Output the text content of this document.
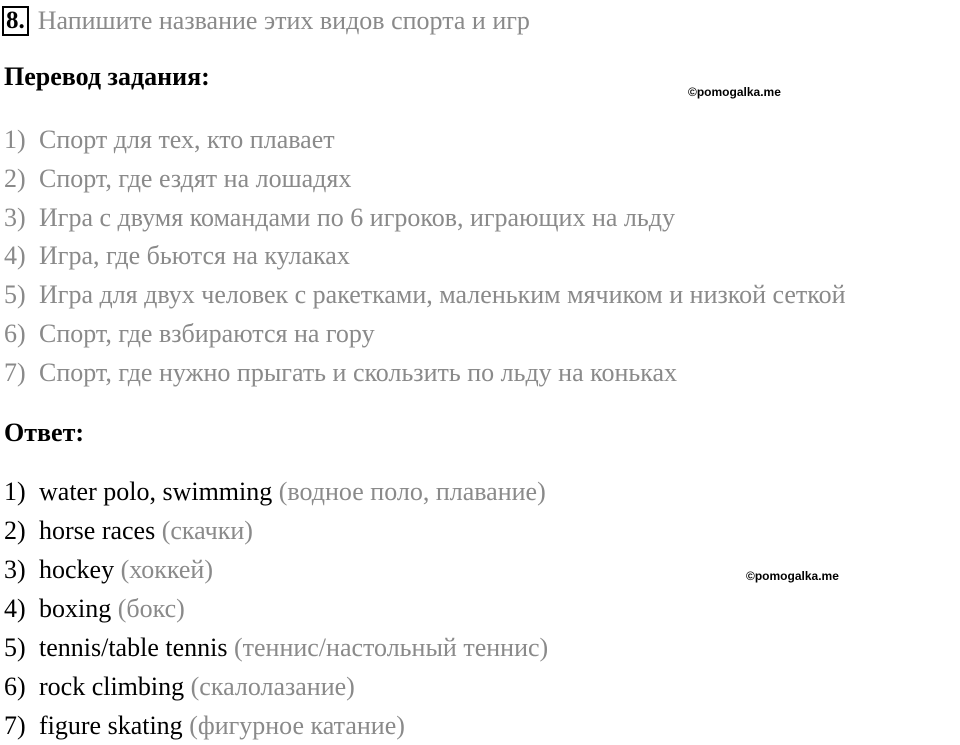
8. Напишите название этих видов спорта и игр
Перевод задания:
©pomogalka.me
1) Спорт для тех, кто плавает
2) Спорт, где ездят на лошадях
3) Игра с двумя командами по 6 игроков, играющих на льду
4) Игра, где бьются на кулаках
5) Игра для двух человек с ракетками, маленьким мячиком и низкой сеткой
6) Спорт, где взбираются на гору
7) Спорт, где нужно прыгать и скользить по льду на коньках
Ответ:
1) water polo, swimming
(водное поло, плавание)
2) horse races
(скачки)
3) hockey
(хоккей)
4) boxing
(бокс)
5) tennis/table tennis
(теннис/настольный теннис)
6) rock climbing
(скалолазание)
7) figure skating
(фигурное катание)
©pomogalka.me
